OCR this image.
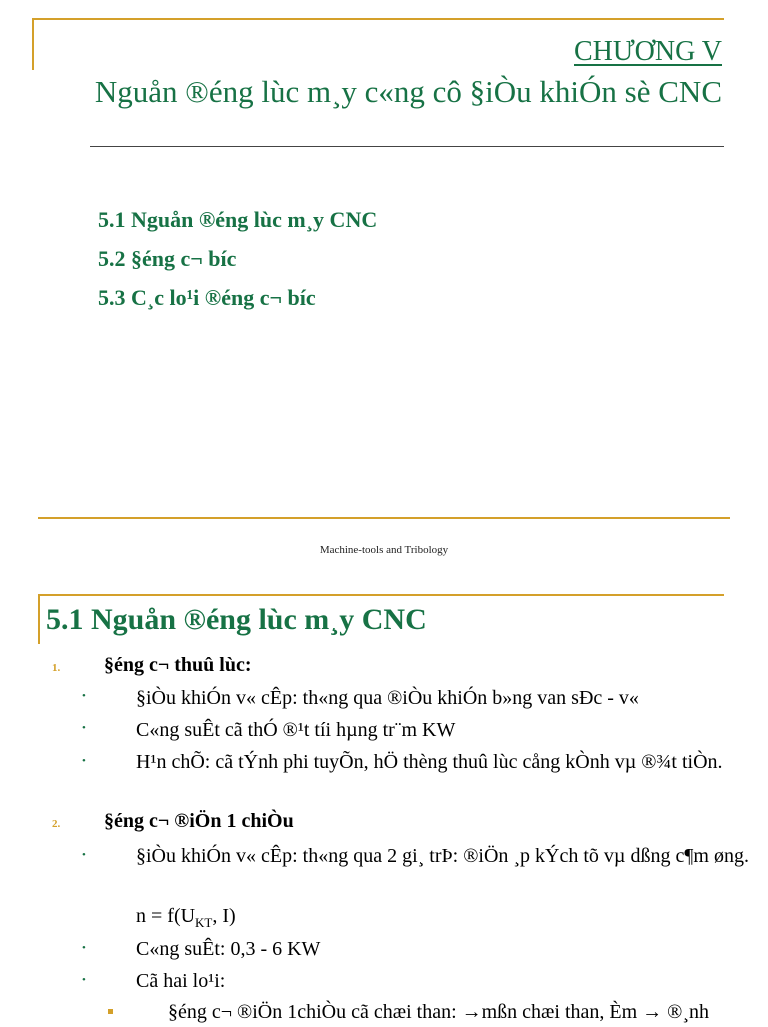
CHƯƠNG V
Nguån ®éng lùc m¸y c«ng cô §iÒu khiÓn sè CNC
5.1 Nguån ®éng lùc m¸y CNC
5.2 §éng c¬ bíc
5.3 C¸c lo¹i ®éng c¬ bíc
Machine-tools and Tribology
5.1 Nguån ®éng lùc m¸y CNC
1. §éng c¬ thuû lùc:
•	§iÒu khiÓn v« cÊp: th«ng qua ®iÒu khiÓn b»ng van sÐc - v«
•	C«ng suÊt cã thÓ ®¹t tíi hµng tr¨m KW
•	H¹n chÕ: cã tÝnh phi tuyÕn, hÖ thèng thuû lùc cång kÒnh vµ ®¾t tiÒn.
2. §éng c¬ ®iÖn 1 chiÒu
•	§iÒu khiÓn v« cÊp: th«ng qua 2 gi¸ trÞ: ®iÖn ¸p kÝch tõ vµ dßng c¶m øng.
$n = f(U_{KT}$, I)
•	C«ng suÊt: 0,3 - 6 KW
•	Cã hai lo¹i:
§éng c¬ ®iÖn 1chiÒu cã chæi than: →mßn chæi than, Èm → ®¸nh
